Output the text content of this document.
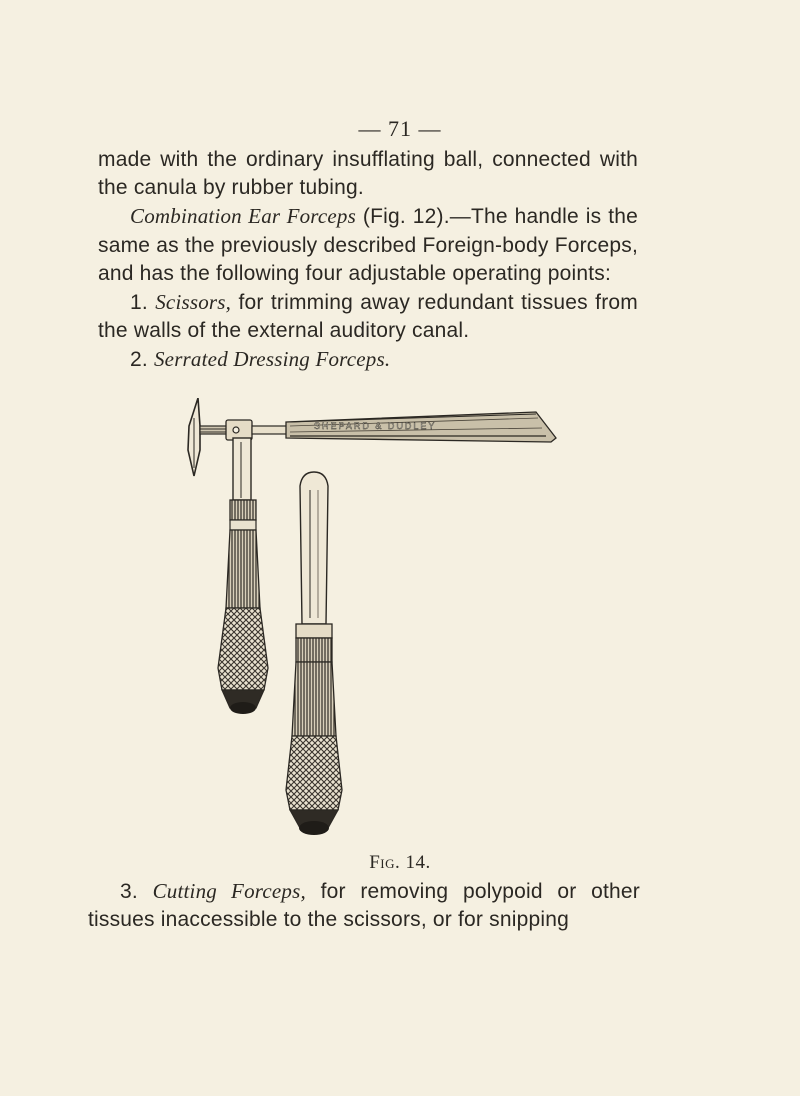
— 71 —

made with the ordinary insufflating ball, connected with the canula by rubber tubing.

Combination Ear Forceps (Fig. 12).—The handle is the same as the previously described Foreign-body Forceps, and has the following four adjustable operating points:

1. Scissors, for trimming away redundant tissues from the walls of the external auditory canal.

2. Serrated Dressing Forceps.

SHEPARD & DUDLEY
Fig. 14.

3. Cutting Forceps, for removing polypoid or other tissues inaccessible to the scissors, or for snipping
